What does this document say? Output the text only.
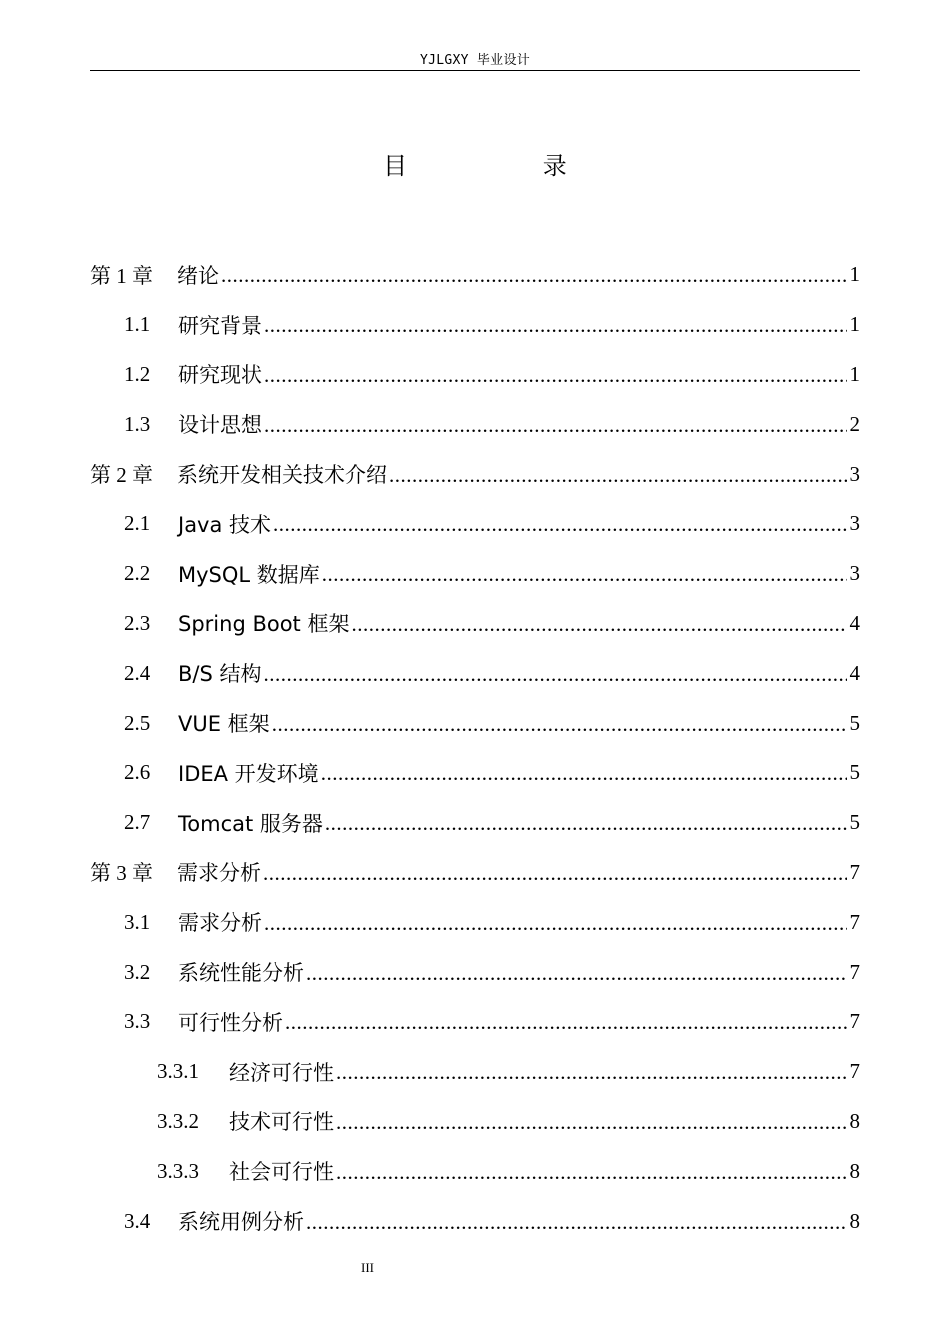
YJLGXY 毕业设计
目 录
第 1 章 绪论 .....	1
1.1	研究背景 .....	1
1.2	研究现状 .....	1
1.3	设计思想 .....	2
第 2 章 系统开发相关技术介绍 .....	3
2.1	Java 技术 .....	3
2.2	MySQL 数据库 .....	3
2.3	Spring Boot 框架 .....	4
2.4	B/S 结构 .....	4
2.5	VUE 框架 .....	5
2.6	IDEA 开发环境 .....	5
2.7	Tomcat 服务器 .....	5
第 3 章 需求分析 .....	7
3.1	需求分析 .....	7
3.2	系统性能分析 .....	7
3.3	可行性分析 .....	7
3.3.1	经济可行性 .....	7
3.3.2	技术可行性 .....	8
3.3.3	社会可行性 .....	8
3.4	系统用例分析 .....	8
III
